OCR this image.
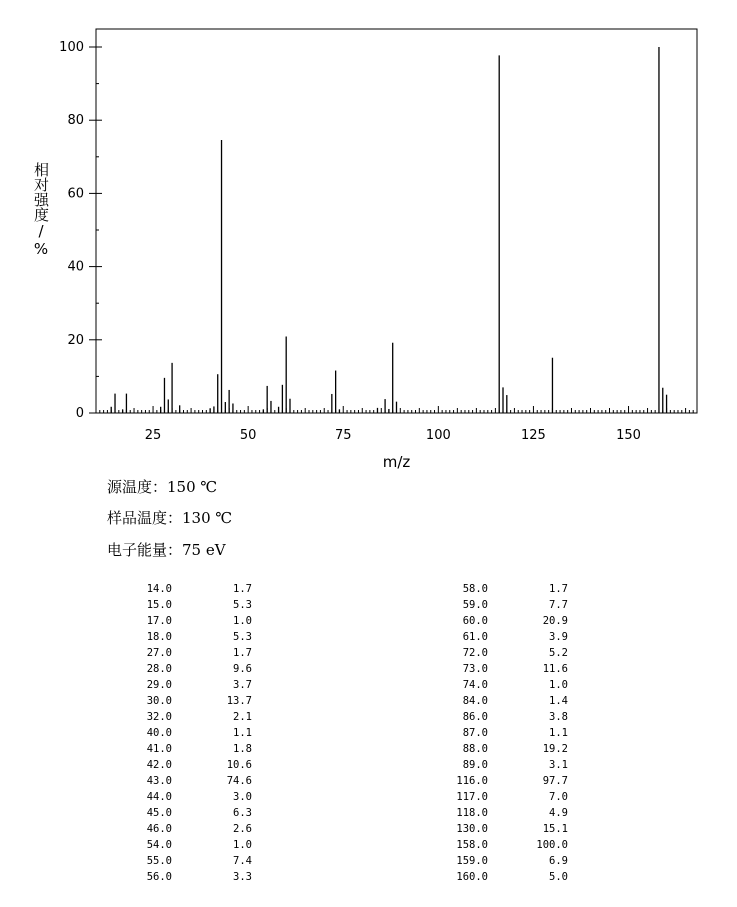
25	50	75	100	125	150
0
20
40
60
80
100
m/z
相对强度/%
源温度：150 ℃
样品温度：130 ℃
电子能量：75 eV
14.0	1.7
15.0	5.3
17.0	1.0
18.0	5.3
27.0	1.7
28.0	9.6
29.0	3.7
30.0	13.7
32.0	2.1
40.0	1.1
41.0	1.8
42.0	10.6
43.0	74.6
44.0	3.0
45.0	6.3
46.0	2.6
54.0	1.0
55.0	7.4
56.0	3.3
58.0	1.7
59.0	7.7
60.0	20.9
61.0	3.9
72.0	5.2
73.0	11.6
74.0	1.0
84.0	1.4
86.0	3.8
87.0	1.1
88.0	19.2
89.0	3.1
116.0	97.7
117.0	7.0
118.0	4.9
130.0	15.1
158.0	100.0
159.0	6.9
160.0	5.0
